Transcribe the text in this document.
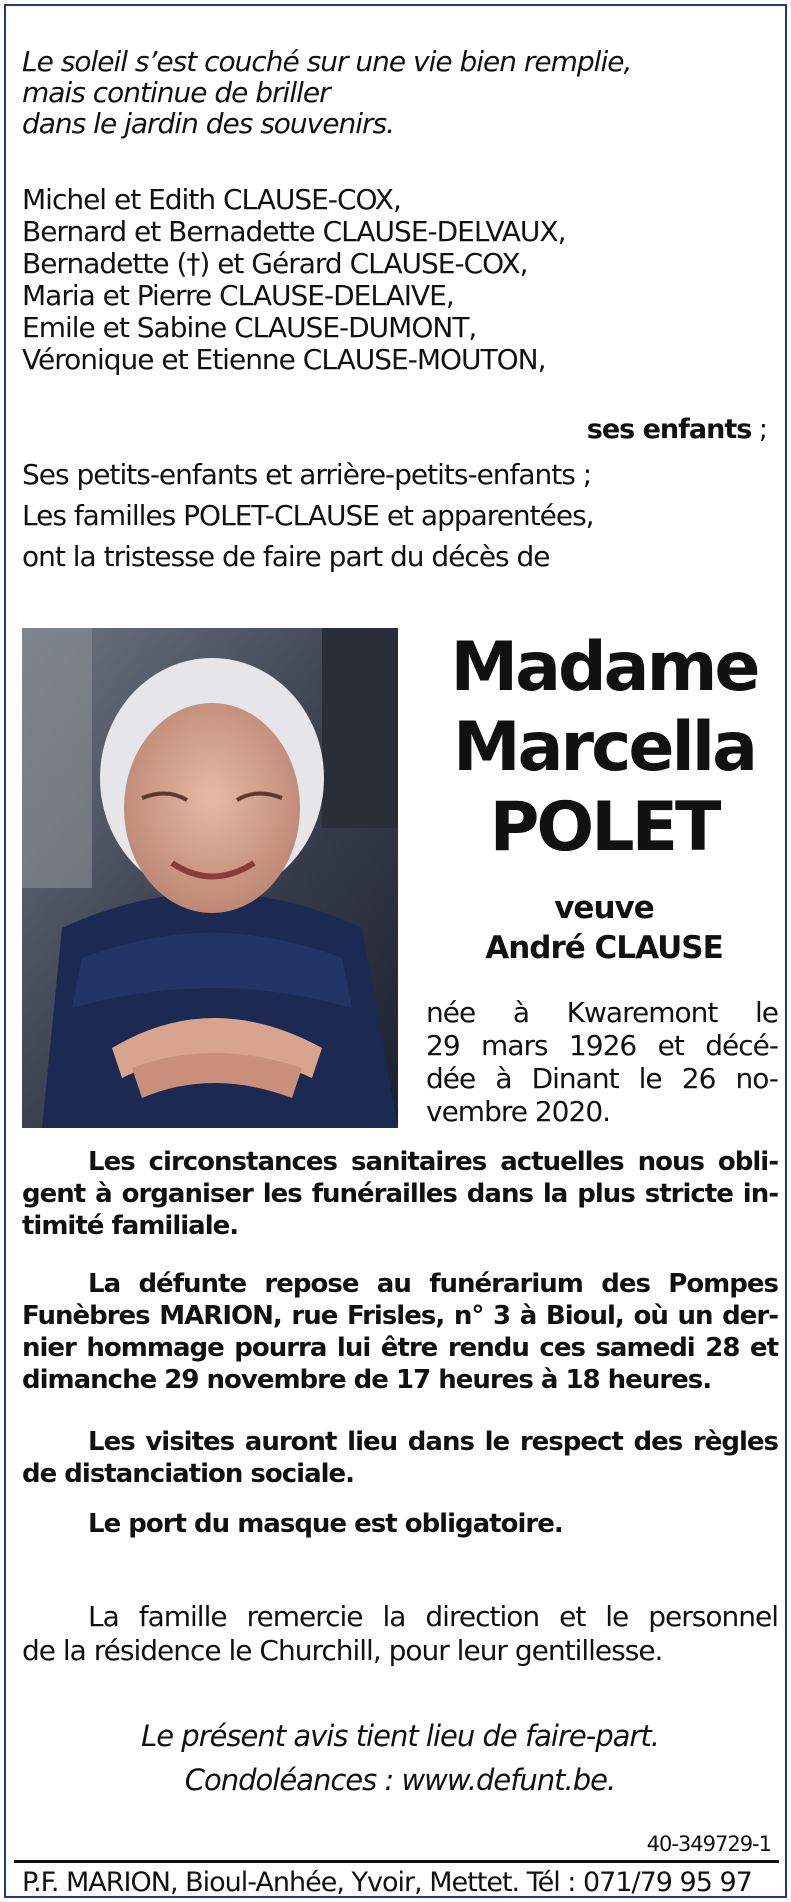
Le soleil s’est couché sur une vie bien remplie,
mais continue de briller
dans le jardin des souvenirs.
Michel et Edith CLAUSE-COX,
Bernard et Bernadette CLAUSE-DELVAUX,
Bernadette (†) et Gérard CLAUSE-COX,
Maria et Pierre CLAUSE-DELAIVE,
Emile et Sabine CLAUSE-DUMONT,
Véronique et Etienne CLAUSE-MOUTON,
ses enfants ;
Ses petits-enfants et arrière-petits-enfants ;
Les familles POLET-CLAUSE et apparentées,
ont la tristesse de faire part du décès de
Madame
Marcella
POLET
veuve
André CLAUSE
née à Kwaremont le
29 mars 1926 et décé-
dée à Dinant le 26 no-
vembre 2020.
Les circonstances sanitaires actuelles nous obli-
gent à organiser les funérailles dans la plus stricte in-
timité familiale.
La défunte repose au funérarium des Pompes
Funèbres MARION, rue Frisles, n° 3 à Bioul, où un der-
nier hommage pourra lui être rendu ces samedi 28 et
dimanche 29 novembre de 17 heures à 18 heures.
Les visites auront lieu dans le respect des règles
de distanciation sociale.
Le port du masque est obligatoire.
La famille remercie la direction et le personnel
de la résidence le Churchill, pour leur gentillesse.
Le présent avis tient lieu de faire-part.
Condoléances : www.defunt.be.
40-349729-1
P.F. MARION, Bioul-Anhée, Yvoir, Mettet. Tél : 071/79 95 97
